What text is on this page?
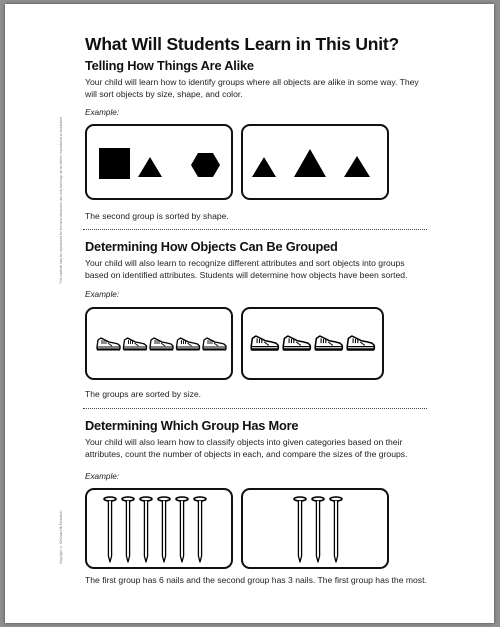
This material may be reproduced for licensed classroom use only and may not be further reproduced or distributed.
Copyright © McGraw-Hill Education
What Will Students Learn in This Unit?
Telling How Things Are Alike
Your child will learn how to identify groups where all objects are alike in some way. They will sort objects by size, shape, and color.
Example:
The second group is sorted by shape.
Determining How Objects Can Be Grouped
Your child will also learn to recognize different attributes and sort objects into groups based on identified attributes. Students will determine how objects have been sorted.
Example:
The groups are sorted by size.
Determining Which Group Has More
Your child will also learn how to classify objects into given categories based on their attributes, count the number of objects in each, and compare the sizes of the groups.
Example:
The first group has 6 nails and the second group has 3 nails. The first group has the most.
